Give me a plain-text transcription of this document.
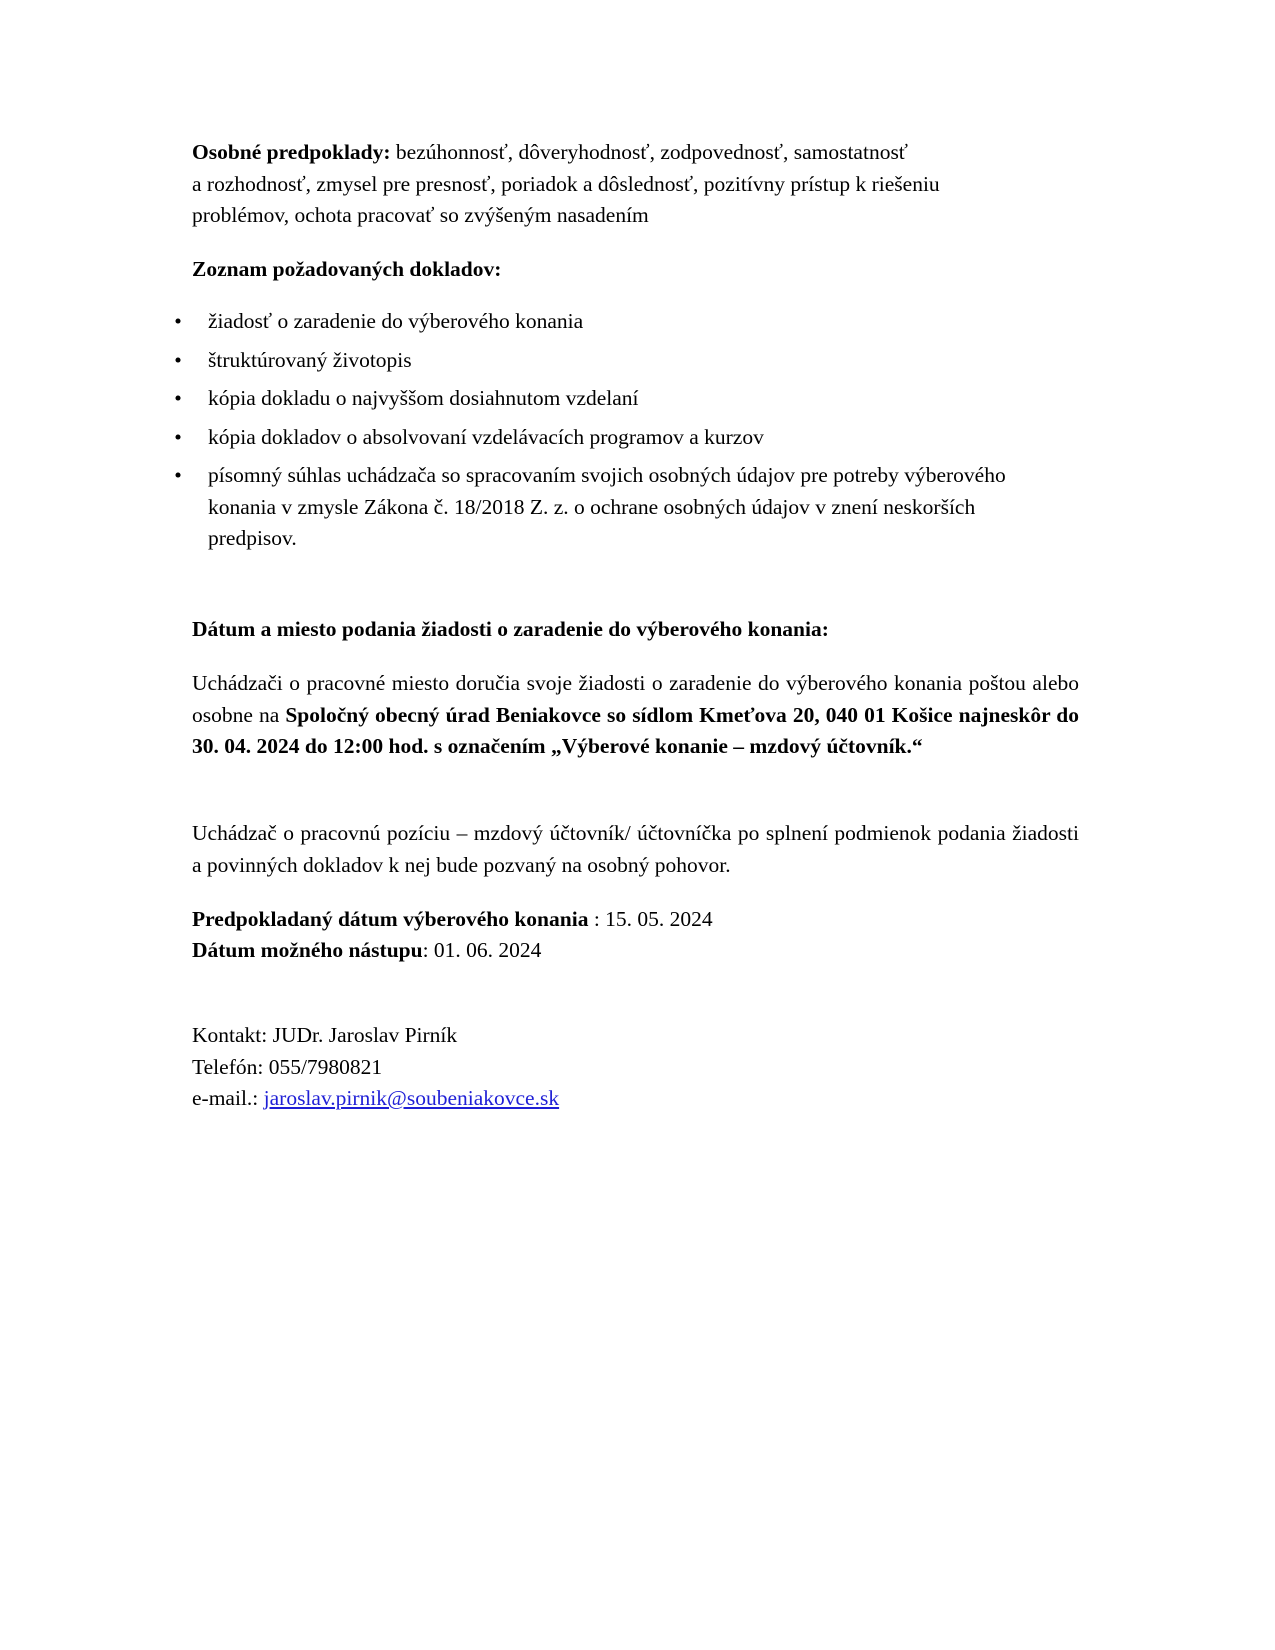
Osobné predpoklady: bezúhonnosť, dôveryhodnosť, zodpovednosť, samostatnosť
a rozhodnosť, zmysel pre presnosť, poriadok a dôslednosť, pozitívny prístup k riešeniu
problémov, ochota pracovať so zvýšeným nasadením
Zoznam požadovaných dokladov:
• žiadosť o zaradenie do výberového konania
• štruktúrovaný životopis
• kópia dokladu o najvyššom dosiahnutom vzdelaní
• kópia dokladov o absolvovaní vzdelávacích programov a kurzov
• písomný súhlas uchádzača so spracovaním svojich osobných údajov pre potreby výberového konania v zmysle Zákona č. 18/2018 Z. z. o ochrane osobných údajov v znení neskorších predpisov.
Dátum a miesto podania žiadosti o zaradenie do výberového konania:
Uchádzači o pracovné miesto doručia svoje žiadosti o zaradenie do výberového konania poštou alebo osobne na Spoločný obecný úrad Beniakovce so sídlom Kmeťova 20, 040 01 Košice najneskôr do 30. 04. 2024 do 12:00 hod. s označením „Výberové konanie – mzdový účtovník.“
Uchádzač o pracovnú pozíciu – mzdový účtovník/ účtovníčka po splnení podmienok podania žiadosti a povinných dokladov k nej bude pozvaný na osobný pohovor.
Predpokladaný dátum výberového konania : 15. 05. 2024
Dátum možného nástupu: 01. 06. 2024
Kontakt: JUDr. Jaroslav Pirník
Telefón: 055/7980821
e-mail.: jaroslav.pirnik@soubeniakovce.sk
